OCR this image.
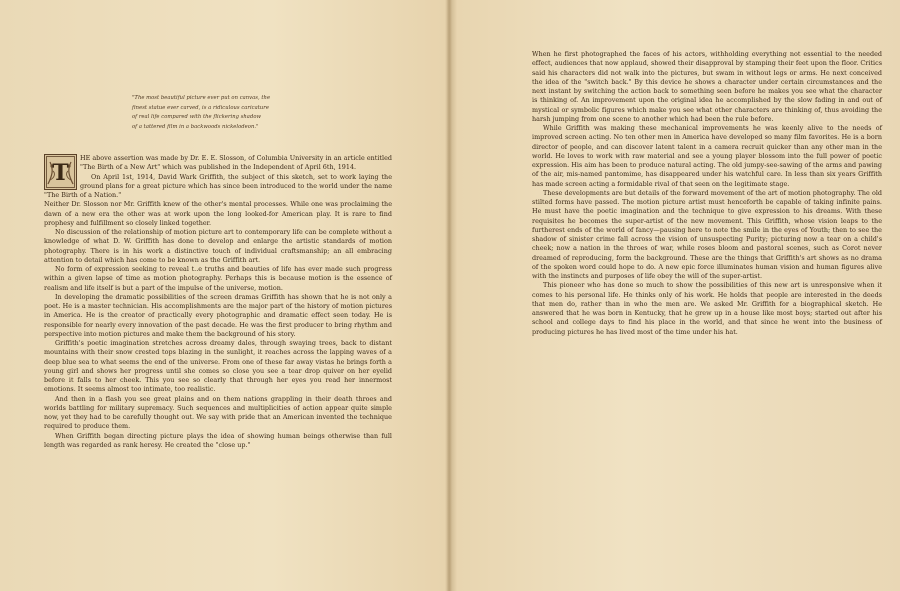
"The most beautiful picture ever put on canvas, the
finest statue ever carved, is a ridiculous caricature
of real life compared with the flickering shadow
of a tattered film in a backwoods nickelodeon."

T
HE above assertion was made by Dr. E. E. Slosson, of Columbia University in an article entitled "The Birth of a New Art" which was published in the Independent of April 6th, 1914.

On April 1st, 1914, David Wark Griffith, the subject of this sketch, set to work laying the ground plans for a great picture which has since been introduced to the world under the name "The Birth of a Nation."

Neither Dr. Slosson nor Mr. Griffith knew of the other's mental processes. While one was proclaiming the dawn of a new era the other was at work upon the long looked-for American play. It is rare to find prophesy and fulfillment so closely linked together.

No discussion of the relationship of motion picture art to contemporary life can be complete without a knowledge of what D. W. Griffith has done to develop and enlarge the artistic standards of motion photography. There is in his work a distinctive touch of individual craftsmanship; an all embracing attention to detail which has come to be known as the Griffith art.

No form of expression seeking to reveal t..e truths and beauties of life has ever made such progress within a given lapse of time as motion photography. Perhaps this is because motion is the essence of realism and life itself is but a part of the impulse of the universe, motion.

In developing the dramatic possibilities of the screen dramas Griffith has shown that he is not only a poet. He is a master technician. His accomplishments are the major part of the history of motion pictures in America. He is the creator of practically every photographic and dramatic effect seen today. He is responsible for nearly every innovation of the past decade. He was the first producer to bring rhythm and perspective into motion pictures and make them the background of his story.

Griffith's poetic imagination stretches across dreamy dales, through swaying trees, back to distant mountains with their snow crested tops blazing in the sunlight, it reaches across the lapping waves of a deep blue sea to what seems the end of the universe. From one of these far away vistas he brings forth a young girl and shows her progress until she comes so close you see a tear drop quiver on her eyelid before it falls to her cheek. This you see so clearly that through her eyes you read her innermost emotions. It seems almost too intimate, too realistic.

And then in a flash you see great plains and on them nations grappling in their death throes and worlds battling for military supremacy. Such sequences and multiplicities of action appear quite simple now, yet they had to be carefully thought out. We say with pride that an American invented the technique required to produce them.

When Griffith began directing picture plays the idea of showing human beings otherwise than full length was regarded as rank heresy. He created the "close up."

When he first photographed the faces of his actors, withholding everything not essential to the needed effect, audiences that now applaud, showed their disapproval by stamping their feet upon the floor. Critics said his characters did not walk into the pictures, but swam in without legs or arms. He next conceived the idea of the "switch back." By this device he shows a character under certain circumstances and the next instant by switching the action back to something seen before he makes you see what the character is thinking of. An improvement upon the original idea he accomplished by the slow fading in and out of mystical or symbolic figures which make you see what other characters are thinking of, thus avoiding the harsh jumping from one scene to another which had been the rule before.

While Griffith was making these mechanical improvements he was keenly alive to the needs of improved screen acting. No ten other men in America have developed so many film favorites. He is a born director of people, and can discover latent talent in a camera recruit quicker than any other man in the world. He loves to work with raw material and see a young player blossom into the full power of poetic expression. His aim has been to produce natural acting. The old jumpy-see-sawing of the arms and pawing of the air, mis-named pantomime, has disappeared under his watchful care. In less than six years Griffith has made screen acting a formidable rival of that seen on the legitimate stage.

These developments are but details of the forward movement of the art of motion photography. The old stilted forms have passed. The motion picture artist must henceforth be capable of taking infinite pains. He must have the poetic imagination and the technique to give expression to his dreams. With these requisites he becomes the super-artist of the new movement. This Griffith, whose vision leaps to the furtherest ends of the world of fancy—pausing here to note the smile in the eyes of Youth; then to see the shadow of sinister crime fall across the vision of unsuspecting Purity; picturing now a tear on a child's cheek; now a nation in the throes of war, while roses bloom and pastoral scenes, such as Corot never dreamed of reproducing, form the background. These are the things that Griffith's art shows as no drama of the spoken word could hope to do. A new epic force illuminates human vision and human figures alive with the instincts and purposes of life obey the will of the super-artist.

This pioneer who has done so much to show the possibilities of this new art is unresponsive when it comes to his personal life. He thinks only of his work. He holds that people are interested in the deeds that men do, rather than in who the men are. We asked Mr. Griffith for a biographical sketch. He answered that he was born in Kentucky, that he grew up in a house like most boys; started out after his school and college days to find his place in the world, and that since he went into the business of producing pictures he has lived most of the time under his hat.
